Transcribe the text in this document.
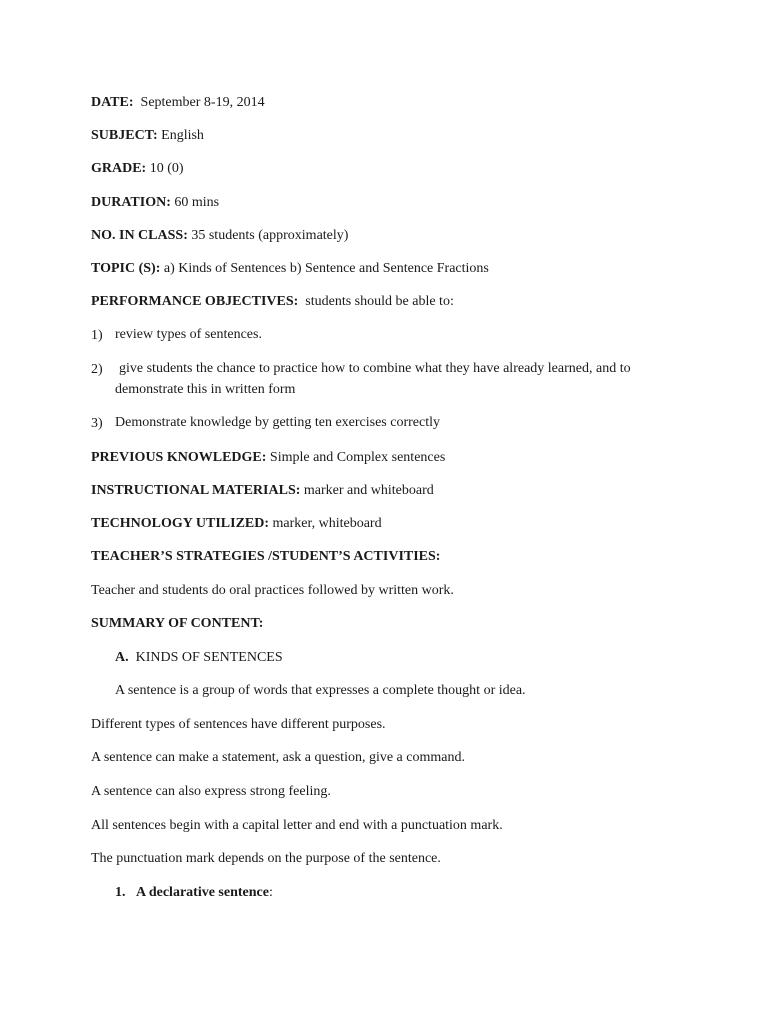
DATE: September 8-19, 2014
SUBJECT: English
GRADE: 10 (0)
DURATION: 60 mins
NO. IN CLASS: 35 students (approximately)
TOPIC (S): a) Kinds of Sentences b) Sentence and Sentence Fractions
PERFORMANCE OBJECTIVES: students should be able to:
1) review types of sentences.
2) give students the chance to practice how to combine what they have already learned, and to
demonstrate this in written form
3) Demonstrate knowledge by getting ten exercises correctly
PREVIOUS KNOWLEDGE: Simple and Complex sentences
INSTRUCTIONAL MATERIALS: marker and whiteboard
TECHNOLOGY UTILIZED: marker, whiteboard
TEACHER’S STRATEGIES /STUDENT’S ACTIVITIES:
Teacher and students do oral practices followed by written work.
SUMMARY OF CONTENT:
A. KINDS OF SENTENCES
A sentence is a group of words that expresses a complete thought or idea.
Different types of sentences have different purposes.
A sentence can make a statement, ask a question, give a command.
A sentence can also express strong feeling.
All sentences begin with a capital letter and end with a punctuation mark.
The punctuation mark depends on the purpose of the sentence.
1. A declarative sentence:
